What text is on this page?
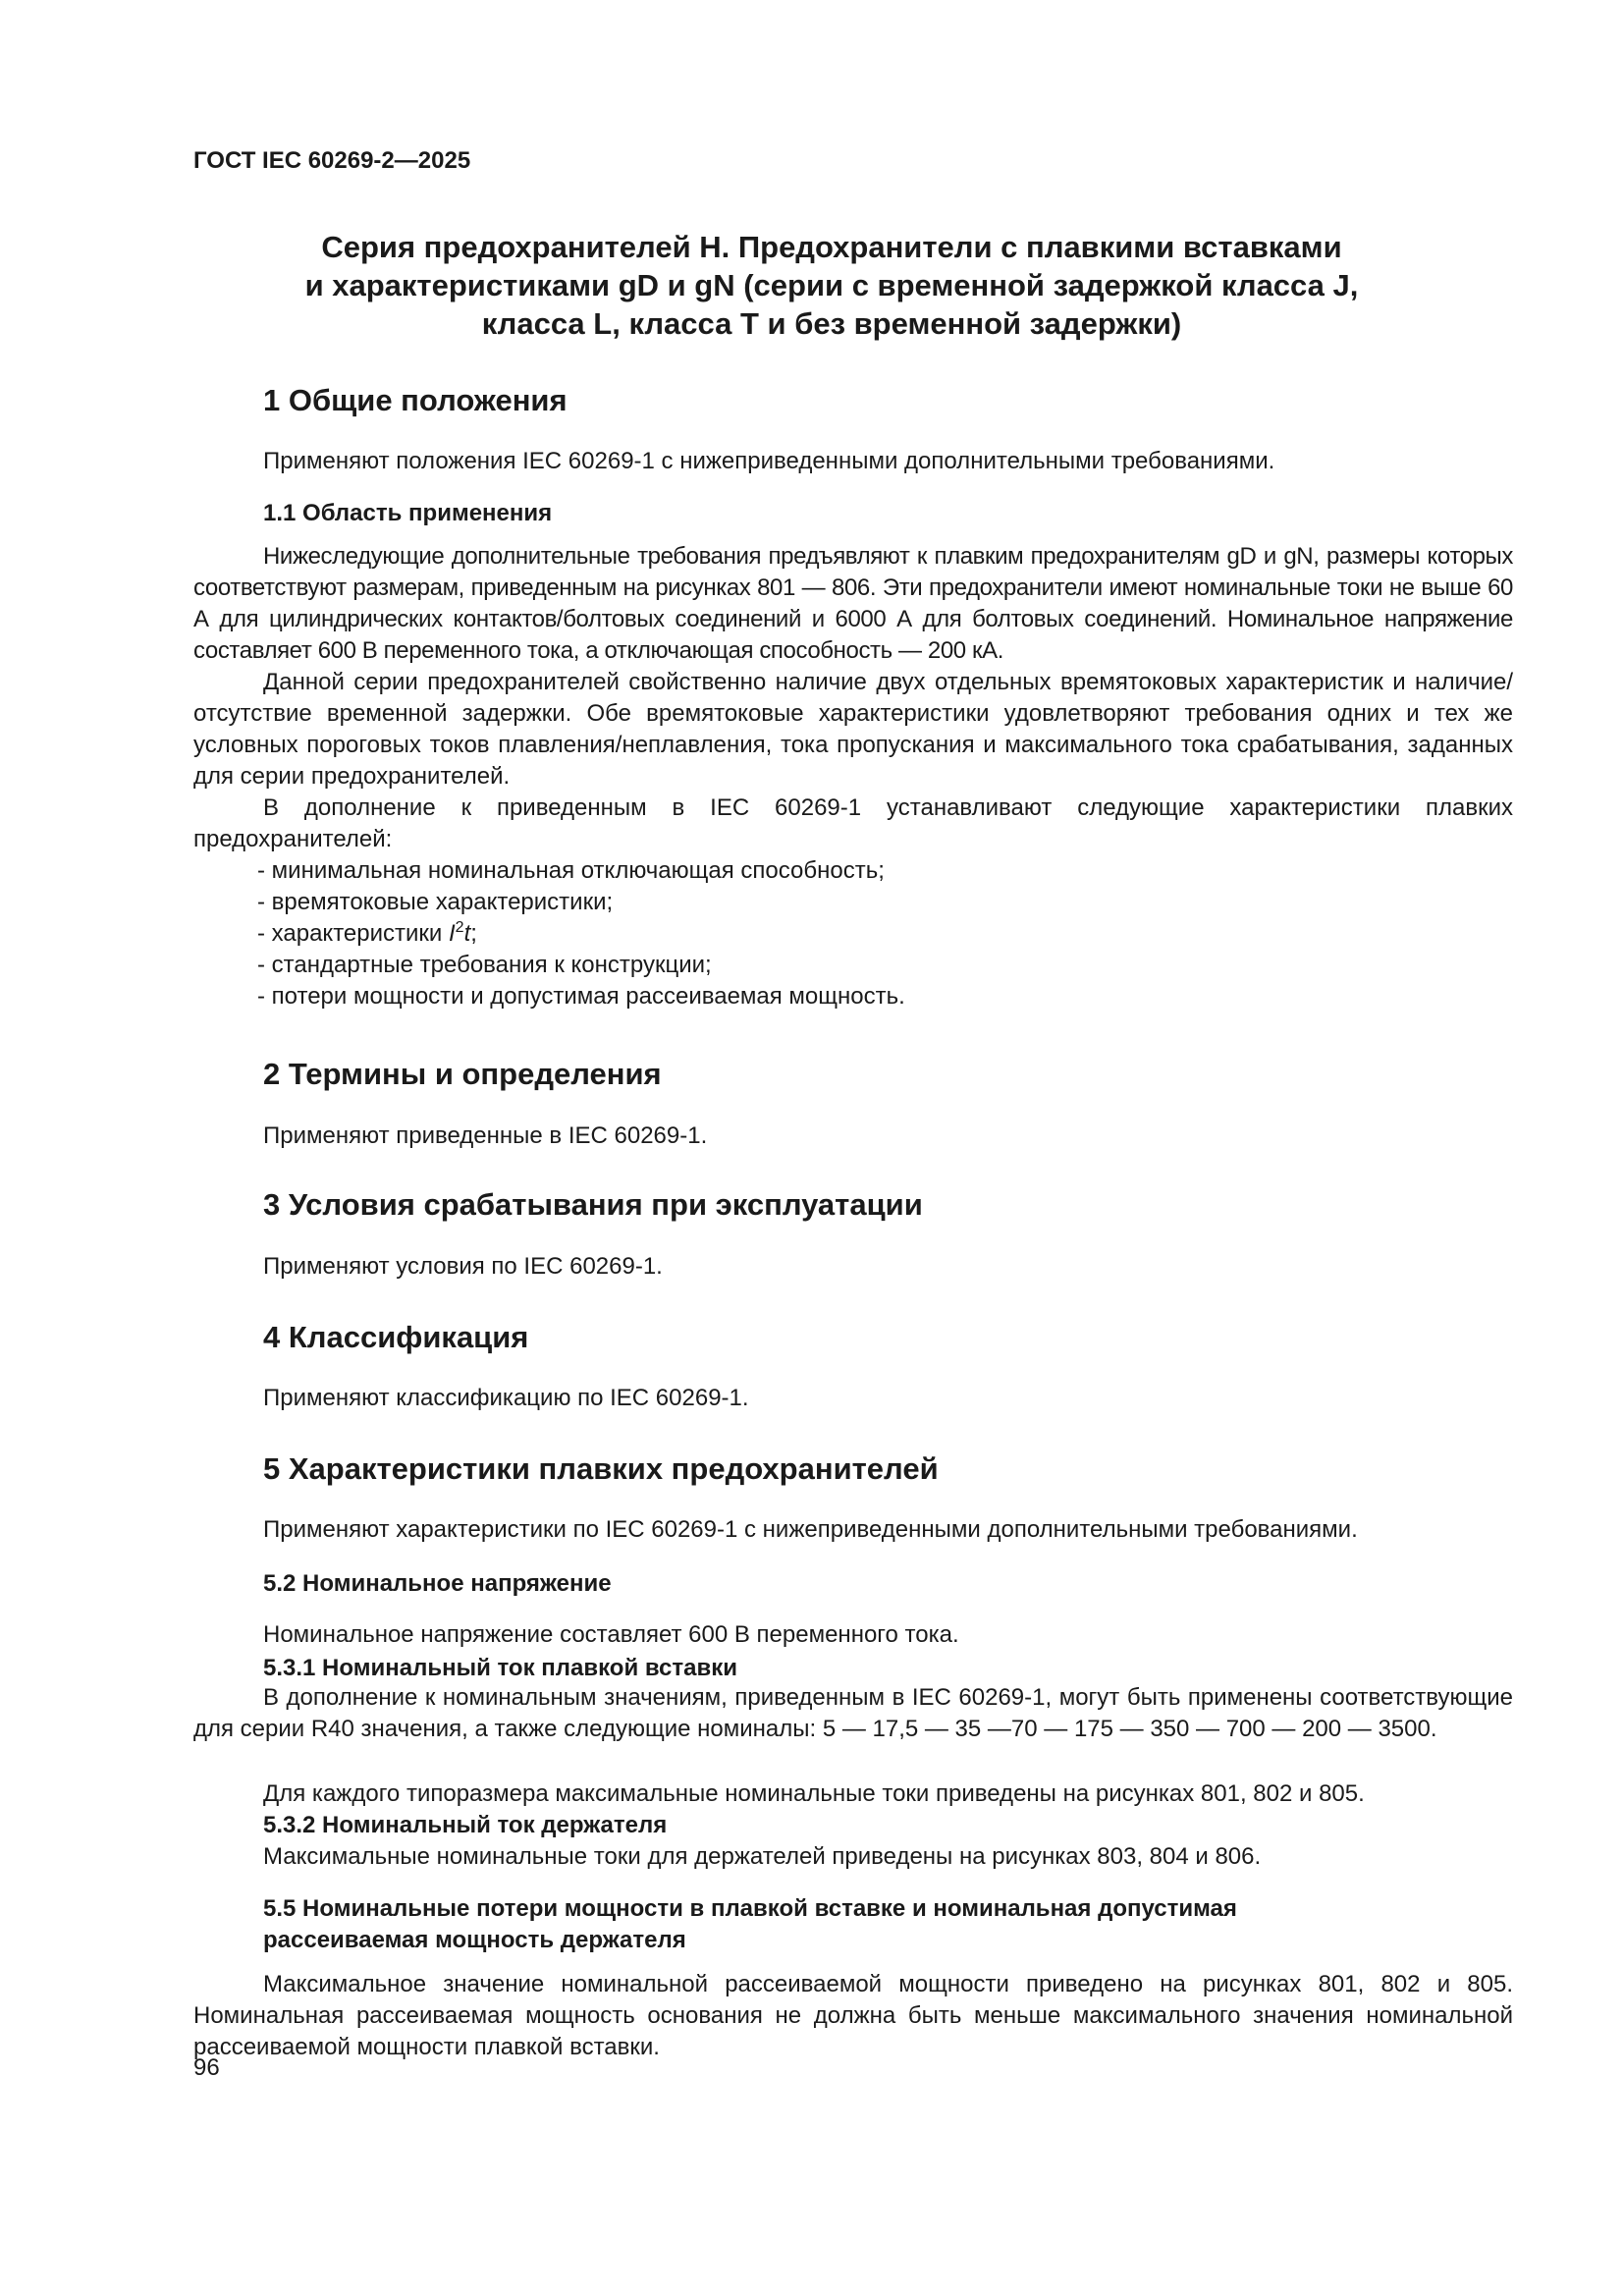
ГОСТ IEC 60269-2—2025
Серия предохранителей H. Предохранители с плавкими вставками
и характеристиками gD и gN (серии с временной задержкой класса J,
класса L, класса T и без временной задержки)
1 Общие положения
Применяют положения IEC 60269-1 с нижеприведенными дополнительными требованиями.
1.1 Область применения
Нижеследующие дополнительные требования предъявляют к плавким предохранителям gD и gN, размеры которых соответствуют размерам, приведенным на рисунках 801 — 806. Эти предохранители имеют номинальные токи не выше 60 А для цилиндрических контактов/болтовых соединений и 6000 А для болтовых соединений. Номинальное напряжение составляет 600 В переменного тока, а отключающая способность — 200 кА.
Данной серии предохранителей свойственно наличие двух отдельных времятоковых характеристик и наличие/отсутствие временной задержки. Обе времятоковые характеристики удовлетворяют требования одних и тех же условных пороговых токов плавления/неплавления, тока пропускания и максимального тока срабатывания, заданных для серии предохранителей.
В дополнение к приведенным в IEC 60269-1 устанавливают следующие характеристики плавких предохранителей:
- минимальная номинальная отключающая способность;
- времятоковые характеристики;
- характеристики $I^2t$;
- стандартные требования к конструкции;
- потери мощности и допустимая рассеиваемая мощность.
2 Термины и определения
Применяют приведенные в IEC 60269-1.
3 Условия срабатывания при эксплуатации
Применяют условия по IEC 60269-1.
4 Классификация
Применяют классификацию по IEC 60269-1.
5 Характеристики плавких предохранителей
Применяют характеристики по IEC 60269-1 с нижеприведенными дополнительными требованиями.
5.2 Номинальное напряжение
Номинальное напряжение составляет 600 В переменного тока.
5.3.1 Номинальный ток плавкой вставки
В дополнение к номинальным значениям, приведенным в IEC 60269-1, могут быть применены соответствующие для серии R40 значения, а также следующие номиналы: 5 — 17,5 — 35 —70 — 175 — 350 — 700 — 200 — 3500.
Для каждого типоразмера максимальные номинальные токи приведены на рисунках 801, 802 и 805.
5.3.2 Номинальный ток держателя
Максимальные номинальные токи для держателей приведены на рисунках 803, 804 и 806.
5.5 Номинальные потери мощности в плавкой вставке и номинальная допустимая
рассеиваемая мощность держателя
Максимальное значение номинальной рассеиваемой мощности приведено на рисунках 801, 802 и 805. Номинальная рассеиваемая мощность основания не должна быть меньше максимального значения номинальной рассеиваемой мощности плавкой вставки.
96
